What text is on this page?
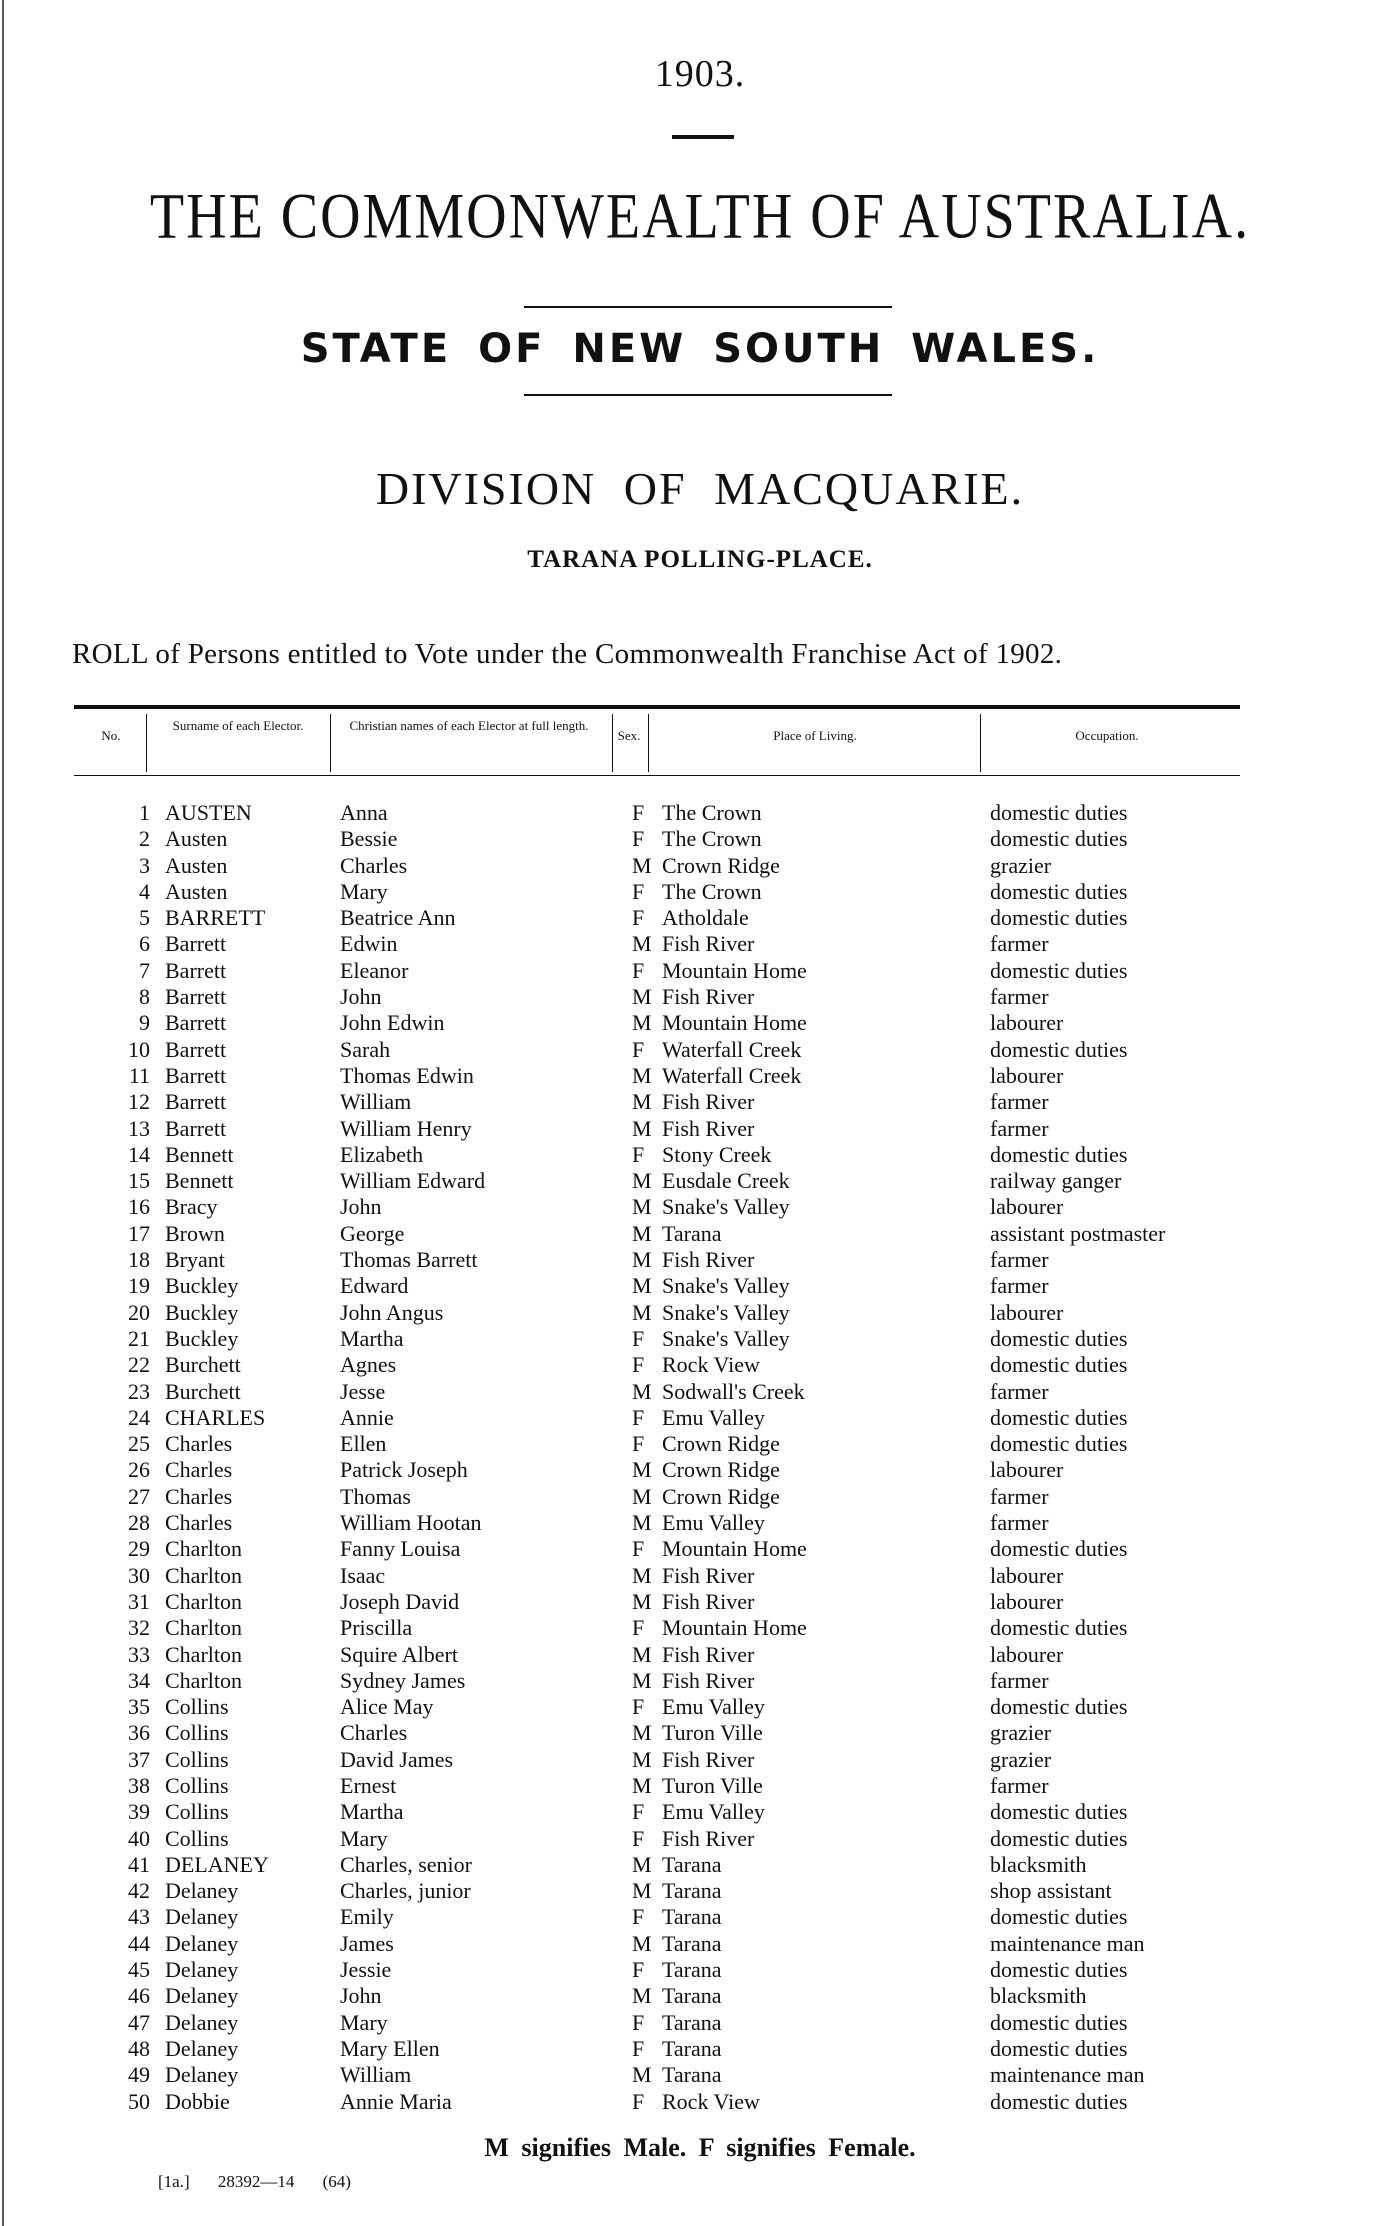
1903.
THE COMMONWEALTH OF AUSTRALIA.
STATE OF NEW SOUTH WALES.
DIVISION OF MACQUARIE.
TARANA POLLING-PLACE.
ROLL of Persons entitled to Vote under the Commonwealth Franchise Act of 1902.
No.
Surname of each Elector.	Christian names of each Elector at full length.
Sex.	Place of Living.	Occupation.
1 AUSTEN	Anna	F The Crown	domestic duties
2 Austen	Bessie	F The Crown	domestic duties
3 Austen	Charles	M Crown Ridge	grazier
4 Austen	Mary	F The Crown	domestic duties
5 BARRETT	Beatrice Ann	F Atholdale	domestic duties
6 Barrett	Edwin	M Fish River	farmer
7 Barrett	Eleanor	F Mountain Home	domestic duties
8 Barrett	John	M Fish River	farmer
9 Barrett	John Edwin	M Mountain Home	labourer
10 Barrett	Sarah	F Waterfall Creek	domestic duties
11 Barrett	Thomas Edwin	M Waterfall Creek	labourer
12 Barrett	William	M Fish River	farmer
13 Barrett	William Henry	M Fish River	farmer
14 Bennett	Elizabeth	F Stony Creek	domestic duties
15 Bennett	William Edward	M Eusdale Creek	railway ganger
16 Bracy	John	M Snake's Valley	labourer
17 Brown	George	M Tarana	assistant postmaster
18 Bryant	Thomas Barrett	M Fish River	farmer
19 Buckley	Edward	M Snake's Valley	farmer
20 Buckley	John Angus	M Snake's Valley	labourer
21 Buckley	Martha	F Snake's Valley	domestic duties
22 Burchett	Agnes	F Rock View	domestic duties
23 Burchett	Jesse	M Sodwall's Creek	farmer
24 CHARLES	Annie	F Emu Valley	domestic duties
25 Charles	Ellen	F Crown Ridge	domestic duties
26 Charles	Patrick Joseph	M Crown Ridge	labourer
27 Charles	Thomas	M Crown Ridge	farmer
28 Charles	William Hootan	M Emu Valley	farmer
29 Charlton	Fanny Louisa	F Mountain Home	domestic duties
30 Charlton	Isaac	M Fish River	labourer
31 Charlton	Joseph David	M Fish River	labourer
32 Charlton	Priscilla	F Mountain Home	domestic duties
33 Charlton	Squire Albert	M Fish River	labourer
34 Charlton	Sydney James	M Fish River	farmer
35 Collins	Alice May	F Emu Valley	domestic duties
36 Collins	Charles	M Turon Ville	grazier
37 Collins	David James	M Fish River	grazier
38 Collins	Ernest	M Turon Ville	farmer
39 Collins	Martha	F Emu Valley	domestic duties
40 Collins	Mary	F Fish River	domestic duties
41 DELANEY	Charles, senior	M Tarana	blacksmith
42 Delaney	Charles, junior	M Tarana	shop assistant
43 Delaney	Emily	F Tarana	domestic duties
44 Delaney	James	M Tarana	maintenance man
45 Delaney	Jessie	F Tarana	domestic duties
46 Delaney	John	M Tarana	blacksmith
47 Delaney	Mary	F Tarana	domestic duties
48 Delaney	Mary Ellen	F Tarana	domestic duties
49 Delaney	William	M Tarana	maintenance man
50 Dobbie	Annie Maria	F Rock View	domestic duties
M signifies Male. F signifies Female.
[1a.] 28392—14 (64)
